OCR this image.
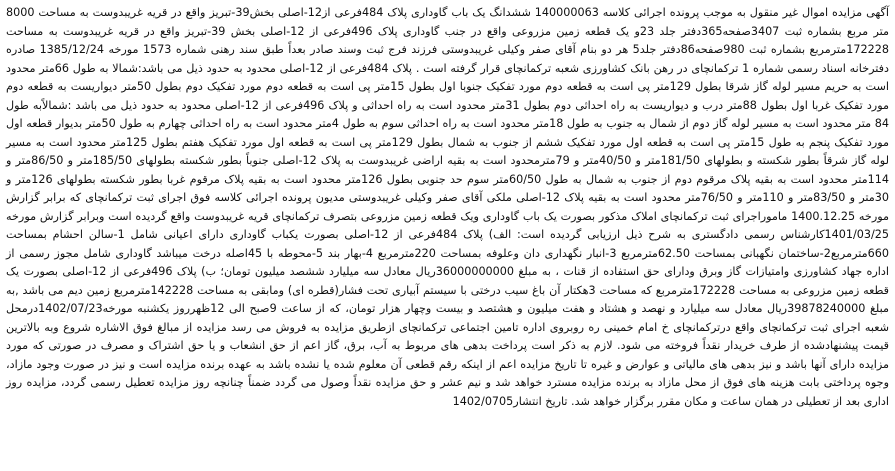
آگهی مزایده اموال غیر منقول به موجب پرونده اجرائی کلاسه 140000063 ششدانگ یک باب گاوداری پلاک 484فرعی از12-اصلی بخش39-تبریز واقع در قریه غریبدوست به مساحت 8000 متر مربع بشماره ثبت 3407صفحه365دفتر جلد 23و یک قطعه زمین مزروعی واقع در جنب گاوداری پلاک 496فرعی از 12-اصلی بخش 39-تبریز واقع در قریه غریبدوست به مساحت 172228مترمربع بشماره ثبت 980صفحه86دفتر جلد5 هر دو بنام آقای صفر وکیلی غریبدوستی فرزند فرج ثبت وسند صادر بعداً طبق سند رهنی شماره 1573 مورخه 1385/12/24 صادره دفترخانه اسناد رسمی شماره 1 ترکمانچای در رهن بانک کشاورزی شعبه ترکمانچای قرار گرفته است . پلاک 484فرعی از 12-اصلی محدود به حدود ذیل می باشد:شمالا به طول 66متر محدود است به حریم مسیر لوله گاز شرقا بطول 129متر پی است به قطعه دوم مورد تفکیک جنوبا اول بطول 15متر پی است به قطعه دوم مورد تفکیک دوم بطول 50متر دیواریست به قطعه دوم مورد تفکیک غربا اول بطول 88متر درب و دیواریست به راه احداثی دوم بطول 31متر محدود است به راه احداثی و پلاک 496فرعی از 12-اصلی محدود به حدود ذیل می باشد :شمالاًبه طول 84 متر محدود است به مسیر لوله گاز دوم از شمال به جنوب به طول 18متر محدود است به راه احداثی سوم به طول 4متر محدود است به راه احداثی چهارم به طول 50متر بدیوار قطعه اول مورد تفکیک پنجم به طول 15متر پی است به قطعه اول مورد تفکیک ششم از جنوب به شمال بطول 129متر پی است به قطعه اول مورد تفکیک هفتم بطول 125متر محدود است به مسیر لوله گاز شرقاً بطور شکسته و بطولهای 181/50متر و 40/50متر و 79مترمحدود است به بقیه اراضی غریبدوست به پلاک 12-اصلی جنوباً بطور شکسته بطولهای 185/50متر و 86/50متر و 114متر محدود است به بقیه پلاک مرقوم دوم از جنوب به شمال به طول 60/50متر سوم حد جنوبی بطول 126متر محدود است به بقیه پلاک مرقوم غربا بطور شکسته بطولهای 126متر و 30متر و 83/50متر و 110متر و 76/50متر محدود است به بقیه پلاک 12-اصلی ملکی آقای صفر وکیلی غریبدوستی مدیون پرونده اجرائی کلاسه فوق اجرای ثبت ترکمانچای که برابر گزارش مورخه 1400.12.25 ماموراجرای ثبت ترکمانچای املاک مذکور بصورت یک باب گاوداری ویک قطعه زمین مزروعی بتصرف ترکمانچای قریه غریبدوست واقع گردیده است وبرابر گزارش مورخه 1401/03/25کارشناس رسمی دادگستری به شرح ذیل ارزیابی گردیده است: الف) پلاک 484فرعی از 12-اصلی بصورت یکباب گاوداری دارای اعیانی شامل 1-سالن احشام بمساحت 660مترمربع2-ساختمان نگهبانی بمساحت 62.50مترمربع 3-انبار نگهداری دان وعلوفه بمساحت 220مترمربع 4-بهار بند 5-محوطه با 45اصله درخت میباشد گاوداری شامل مجوز رسمی از اداره جهاد کشاورزی وامتیازات گاز وبرق ودارای حق استفاده از قنات ، به مبلغ 36000000000ریال معادل سه میلیارد ششصد میلیون تومان؛ ب) پلاک 496فرعی از 12-اصلی بصورت یک قطعه زمین مزروعی به مساحت 172228مترمربع که مساحت 3هکتار آن باغ سیب درختی با سیستم آبیاری تحت فشار(قطره ای) ومابقی به مساحت 142228مترمربع زمین دیم می باشد ,به مبلغ 39878240000ریال معادل سه میلیارد و نهصد و هشتاد و هفت میلیون و هشتصد و بیست وچهار هزار تومان، که از ساعت 9صبح الی 12ظهرروز یکشنبه مورخه1402/07/23درمحل شعبه اجرای ثبت ترکمانچای واقع درترکمانچای خ امام خمینی ره روبروی اداره تامین اجتماعی ترکمانچای ازطریق مزایده به فروش می رسد مزایده از مبالغ فوق الاشاره شروع وبه بالاترین قیمت پیشنهادشده از طرف خریدار نقداً فروخته می شود. لازم به ذکر است پرداخت بدهی های مربوط به آب، برق، گاز اعم از حق انشعاب و یا حق اشتراک و مصرف در صورتی که مورد مزایده دارای آنها باشد و نیز بدهی های مالیاتی و عوارض و غیره تا تاریخ مزایده اعم از اینکه رقم قطعی آن معلوم شده یا نشده باشد به عهده برنده مزایده است و نیز در صورت وجود مازاد، وجوه پرداختی بابت هزینه های فوق از محل مازاد به برنده مزایده مسترد خواهد شد و نیم عشر و حق مزایده نقداً وصول می گردد ضمناً چنانچه روز مزایده تعطیل رسمی گردد، مزایده روز اداری بعد از تعطیلی در همان ساعت و مکان مقرر برگزار خواهد شد. تاریخ انتشار1402/0705
